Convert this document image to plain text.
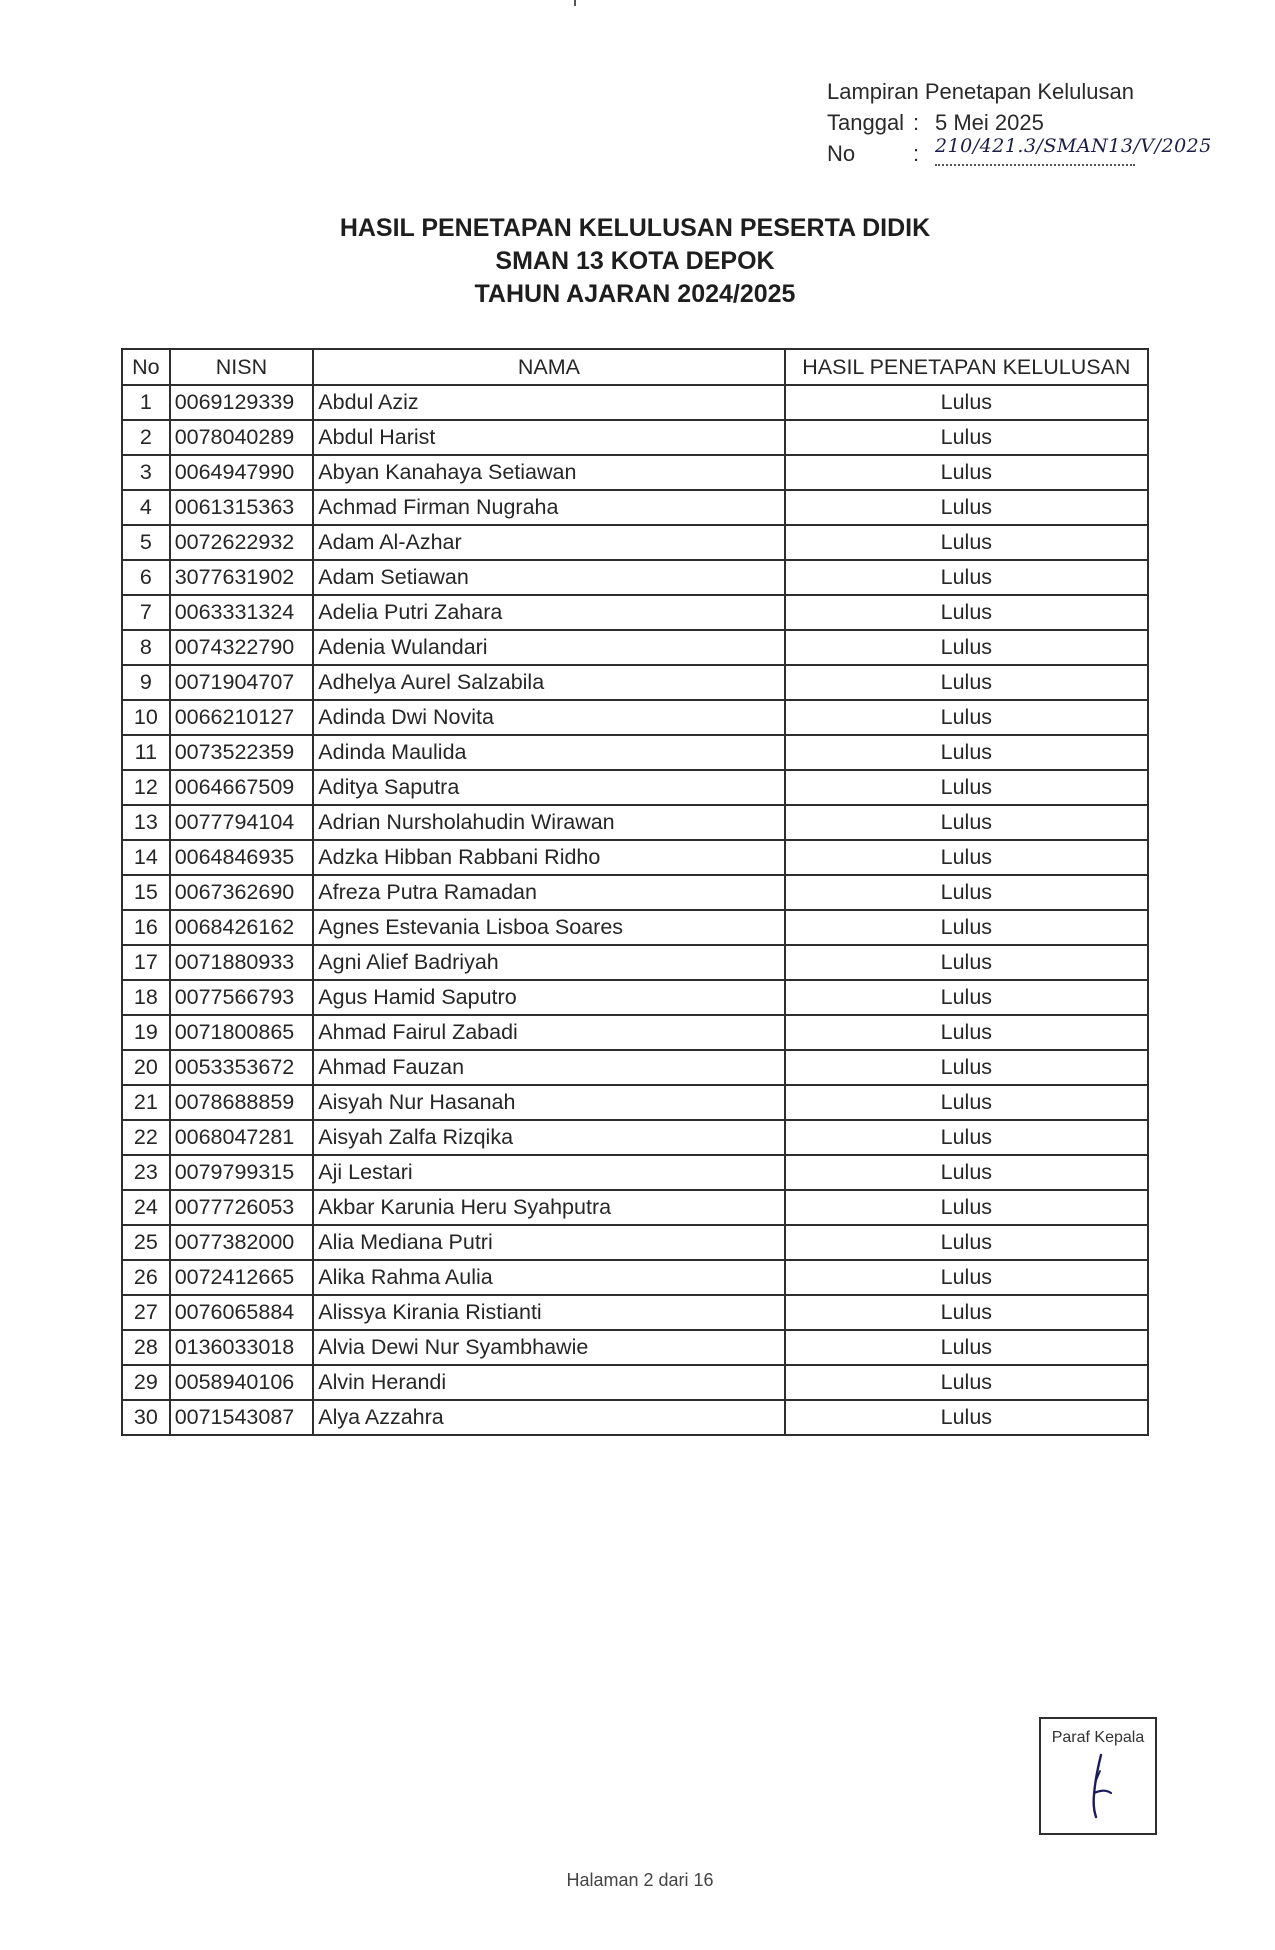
Lampiran Penetapan Kelulusan
Tanggal : 5 Mei 2025
No	: 210/421.3/SMAN13/V/2025
HASIL PENETAPAN KELULUSAN PESERTA DIDIK
SMAN 13 KOTA DEPOK
TAHUN AJARAN 2024/2025
No	NISN	NAMA	HASIL PENETAPAN KELULUSAN
1	0069129339	Abdul Aziz	Lulus
2	0078040289	Abdul Harist	Lulus
3	0064947990	Abyan Kanahaya Setiawan	Lulus
4	0061315363	Achmad Firman Nugraha	Lulus
5	0072622932	Adam Al-Azhar	Lulus
6	3077631902	Adam Setiawan	Lulus
7	0063331324	Adelia Putri Zahara	Lulus
8	0074322790	Adenia Wulandari	Lulus
9	0071904707	Adhelya Aurel Salzabila	Lulus
10	0066210127	Adinda Dwi Novita	Lulus
11	0073522359	Adinda Maulida	Lulus
12	0064667509	Aditya Saputra	Lulus
13	0077794104	Adrian Nursholahudin Wirawan	Lulus
14	0064846935	Adzka Hibban Rabbani Ridho	Lulus
15	0067362690	Afreza Putra Ramadan	Lulus
16	0068426162	Agnes Estevania Lisboa Soares	Lulus
17	0071880933	Agni Alief Badriyah	Lulus
18	0077566793	Agus Hamid Saputro	Lulus
19	0071800865	Ahmad Fairul Zabadi	Lulus
20	0053353672	Ahmad Fauzan	Lulus
21	0078688859	Aisyah Nur Hasanah	Lulus
22	0068047281	Aisyah Zalfa Rizqika	Lulus
23	0079799315	Aji Lestari	Lulus
24	0077726053	Akbar Karunia Heru Syahputra	Lulus
25	0077382000	Alia Mediana Putri	Lulus
26	0072412665	Alika Rahma Aulia	Lulus
27	0076065884	Alissya Kirania Ristianti	Lulus
28	0136033018	Alvia Dewi Nur Syambhawie	Lulus
29	0058940106	Alvin Herandi	Lulus
30	0071543087	Alya Azzahra	Lulus
Paraf Kepala
Halaman 2 dari 16
